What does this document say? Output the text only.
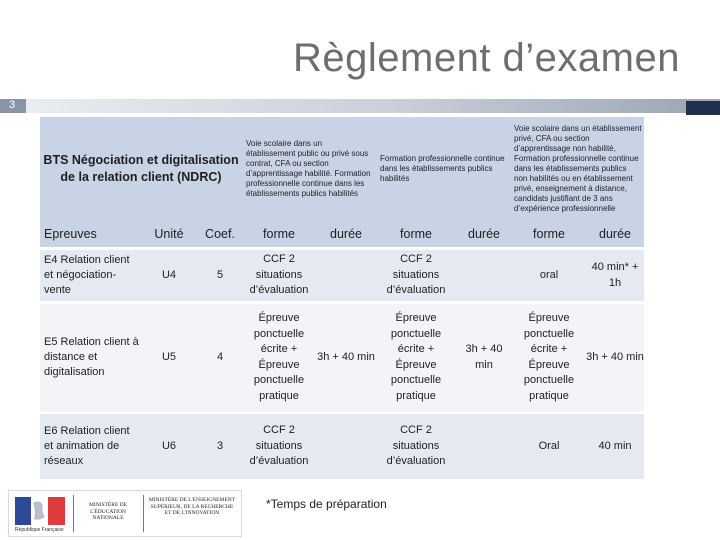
Règlement d’examen
3
BTS Négociation et digitalisation de la relation client (NDRC)			Voie scolaire dans un établissement public ou privé sous contrat, CFA ou section d’apprentissage habilité. Formation professionnelle continue dans les établissements publics habilités		Formation professionnelle continue dans les établissements publics habilités		Voie scolaire dans un établissement privé, CFA ou section d’apprentissage non habilité, Formation professionnelle continue dans les établissements publics non habilités ou en établissement privé, enseignement à distance, candidats justifiant de 3 ans d’expérience professionnelle	
Epreuves	Unité	Coef.	forme	durée	forme	durée	forme	durée
E4 Relation client et négociation-vente	U4	5	CCF 2 situations d’évaluation		CCF 2 situations d’évaluation		oral	40 min* + 1h
E5 Relation client à distance et digitalisation	U5	4	Épreuve ponctuelle écrite + Épreuve ponctuelle pratique	3h + 40 min	Épreuve ponctuelle écrite + Épreuve ponctuelle pratique	3h + 40 min	Épreuve ponctuelle écrite + Épreuve ponctuelle pratique	3h + 40 min
E6 Relation client et animation de réseaux	U6	3	CCF 2 situations d’évaluation		CCF 2 situations d’évaluation		Oral	40 min
République Française
MINISTÈRE DE L'ÉDUCATION NATIONALE
MINISTÈRE DE L'ENSEIGNEMENT SUPÉRIEUR, DE LA RECHERCHE ET DE L'INNOVATION
*Temps de préparation
